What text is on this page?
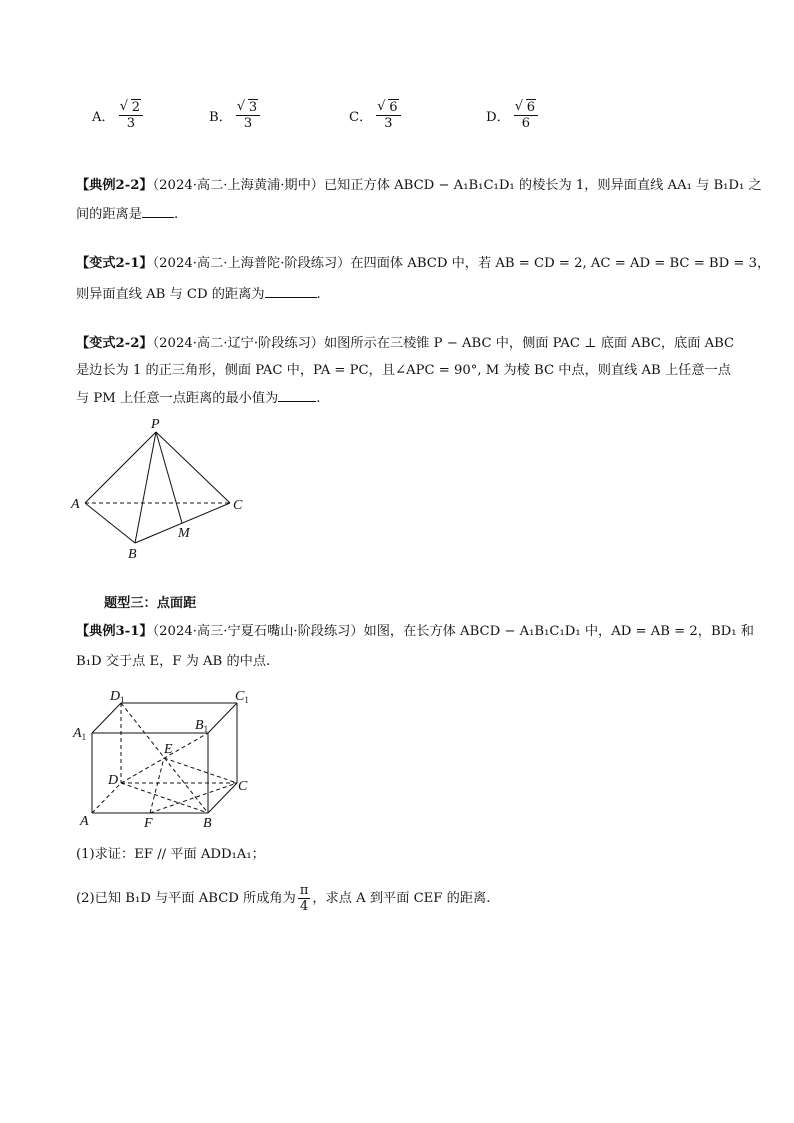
A． √ $\frac{2}{3}$	B． √ $\frac{3}{3}$	C． √ $\frac{6}{3}$	D． √ $\frac{6}{6}$
【典例2-2】（2024·高二·上海黄浦·期中）已知正方体 ABCD − A₁B₁C₁D₁ 的棱长为 1，则异面直线 AA₁ 与 B₁D₁ 之
间的距离是 .
【变式2-1】（2024·高二·上海普陀·阶段练习）在四面体 ABCD 中，若 AB = CD = 2, AC = AD = BC = BD = 3，
则异面直线 AB 与 CD 的距离为	.
【变式2-2】（2024·高二·辽宁·阶段练习）如图所示在三棱锥 P − ABC 中，侧面 PAC ⊥ 底面 ABC，底面 ABC
是边长为 1 的正三角形，侧面 PAC 中，PA = PC，且∠APC = 90°, M 为棱 BC 中点，则直线 AB 上任意一点
与 PM 上任意一点距离的最小值为	.
P
A
B
C
M
题型三：点面距
【典例3-1】（2024·高三·宁夏石嘴山·阶段练习）如图，在长方体 ABCD − A₁B₁C₁D₁ 中，AD = AB = 2，BD₁ 和
B₁D 交于点 E，F 为 AB 的中点.
$D_1$	$C_1$
$A_1$
$B_1$
E
D	C
A	F	B
(1)求证：EF // 平面 ADD₁A₁；
(2)已知 B₁D 与平面 ABCD 所成角为 $\frac{\pi}{4}$ ，求点 A 到平面 CEF 的距离.
